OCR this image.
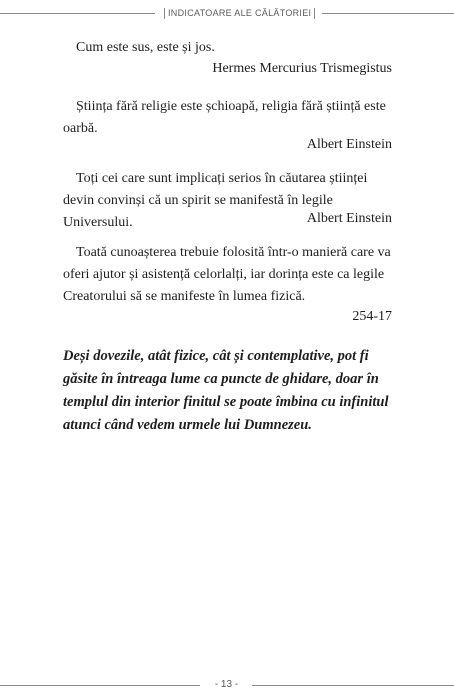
INDICATOARE ALE CĂLĂTORIEI

Cum este sus, este și jos.

Hermes Mercurius Trismegistus

Știința fără religie este șchioapă, religia fără știință este oarbă.

Albert Einstein

Toți cei care sunt implicați serios în căutarea științei devin convinși că un spirit se manifestă în legile Universului.	Albert Einstein

Toată cunoașterea trebuie folosită într-o manieră care va oferi ajutor și asistență celorlalți, iar dorința este ca legile Creatorului să se manifeste în lumea fizică.

254-17

Deși dovezile, atât fizice, cât și contemplative, pot fi găsite în întreaga lume ca puncte de ghidare, doar în templul din interior finitul se poate îmbina cu infinitul atunci când vedem urmele lui Dumnezeu.

- 13 -
